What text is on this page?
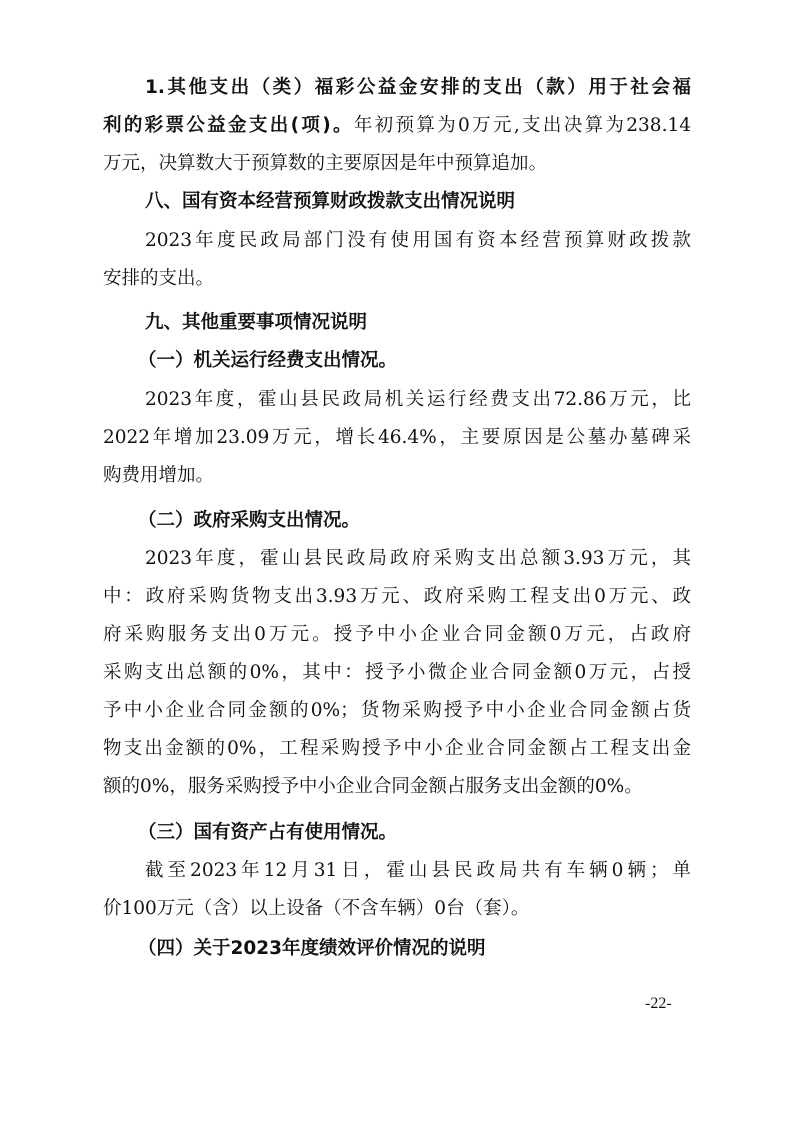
1.其他支出（类）福彩公益金安排的支出（款）用于社会福
利的彩票公益金支出(项)。年初预算为0万元,支出决算为238.14
万元，决算数大于预算数的主要原因是年中预算追加。
八、国有资本经营预算财政拨款支出情况说明
2023年度民政局部门没有使用国有资本经营预算财政拨款
安排的支出。
九、其他重要事项情况说明
（一）机关运行经费支出情况。
2023年度，霍山县民政局机关运行经费支出72.86万元，比
2022年增加23.09万元，增长46.4%，主要原因是公墓办墓碑采
购费用增加。
（二）政府采购支出情况。
2023年度，霍山县民政局政府采购支出总额3.93万元，其
中：政府采购货物支出3.93万元、政府采购工程支出0万元、政
府采购服务支出0万元。授予中小企业合同金额0万元，占政府
采购支出总额的0%，其中：授予小微企业合同金额0万元，占授
予中小企业合同金额的0%；货物采购授予中小企业合同金额占货
物支出金额的0%，工程采购授予中小企业合同金额占工程支出金
额的0%，服务采购授予中小企业合同金额占服务支出金额的0%。
（三）国有资产占有使用情况。
截至2023年12月31日，霍山县民政局共有车辆0辆；单
价100万元（含）以上设备（不含车辆）0台（套）。
（四）关于2023年度绩效评价情况的说明
-22-
